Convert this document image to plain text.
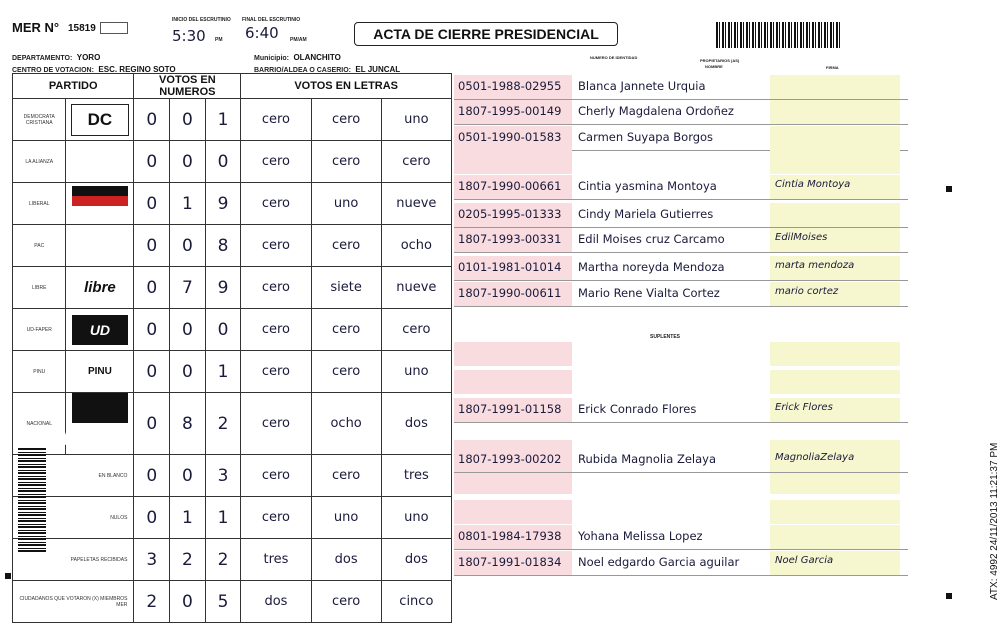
MER N° 15819
INICIO DEL ESCRUTINIO
5:30 PM
FINAL DEL ESCRUTINIO
6:40 PM/AM
DEPARTAMENTO: YORO	Municipio: OLANCHITO
CENTRO DE VOTACION: ESC. REGINO SOTO	BARRIO/ALDEA O CASERIO: EL JUNCAL
ACTA DE CIERRE PRESIDENCIAL
NUMERO DE IDENTIDAD
PROPIETARIOS (AS)
NOMBRE	FIRMA
PARTIDO		VOTOS EN NUMEROS			VOTOS EN LETRAS		
DEMOCRATA CRISTIANA	DC	0	0	1	cero	cero	uno
LA ALIANZA		0	0	0	cero	cero	cero
LIBERAL		0	1	9	cero	uno	nueve
PAC		0	0	8	cero	cero	ocho
LIBRE	libre	0	7	9	cero	siete	nueve
UD-FAPER	UD	0	0	0	cero	cero	cero
PINU	PINU	0	0	1	cero	cero	uno
NACIONAL	★	0	8	2	cero	ocho	dos
EN BLANCO		0	0	3	cero	cero	tres
NULOS		0	1	1	cero	uno	uno
PAPELETAS RECIBIDAS		3	2	2	tres	dos	dos
CIUDADANOS QUE VOTARON (X) MIEMBROS MER		2	0	5	dos	cero	cinco
0501-1988-02955 Blanca Jannete Urquia
1807-1995-00149 Cherly Magdalena Ordoñez
0501-1990-01583 Carmen Suyapa Borgos
1807-1990-00661 Cintia yasmina Montoya	Cintia Montoya
0205-1995-01333 Cindy Mariela Gutierres
1807-1993-00331 Edil Moises cruz Carcamo	EdilMoises
0101-1981-01014 Martha noreyda Mendoza	marta mendoza
1807-1990-00611 Mario Rene Vialta Cortez	mario cortez
1807-1991-01158 Erick Conrado Flores	Erick Flores
1807-1993-00202 Rubida Magnolia Zelaya	MagnoliaZelaya
0801-1984-17938 Yohana Melissa Lopez
1807-1991-01834 Noel edgardo Garcia aguilar	Noel Garcia
SUPLENTES
ATX: 4992 24/11/2013 11:21:37 PM
